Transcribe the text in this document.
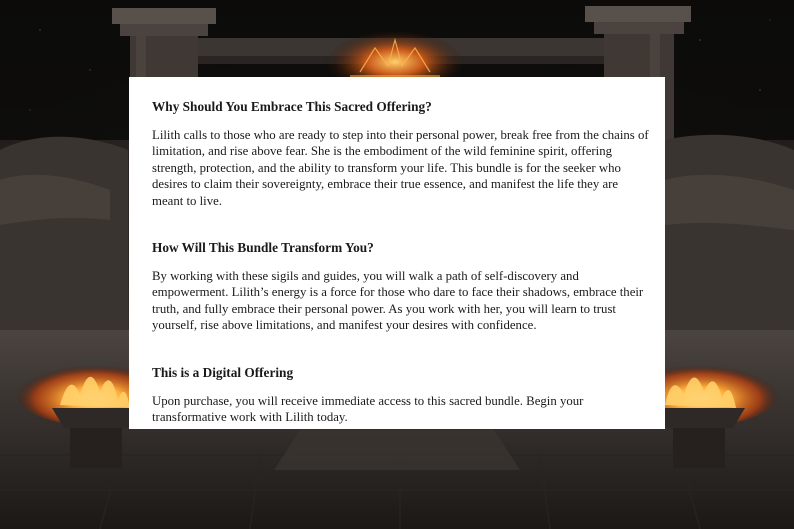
Why Should You Embrace This Sacred Offering?

Lilith calls to those who are ready to step into their personal power, break free from the chains of limitation, and rise above fear. She is the embodiment of the wild feminine spirit, offering strength, protection, and the ability to transform your life. This bundle is for the seeker who desires to claim their sovereignty, embrace their true essence, and manifest the life they are meant to live.

How Will This Bundle Transform You?

By working with these sigils and guides, you will walk a path of self-discovery and empowerment. Lilith’s energy is a force for those who dare to face their shadows, embrace their truth, and fully embrace their personal power. As you work with her, you will learn to trust yourself, rise above limitations, and manifest your desires with confidence.

This is a Digital Offering

Upon purchase, you will receive immediate access to this sacred bundle. Begin your transformative work with Lilith today.
